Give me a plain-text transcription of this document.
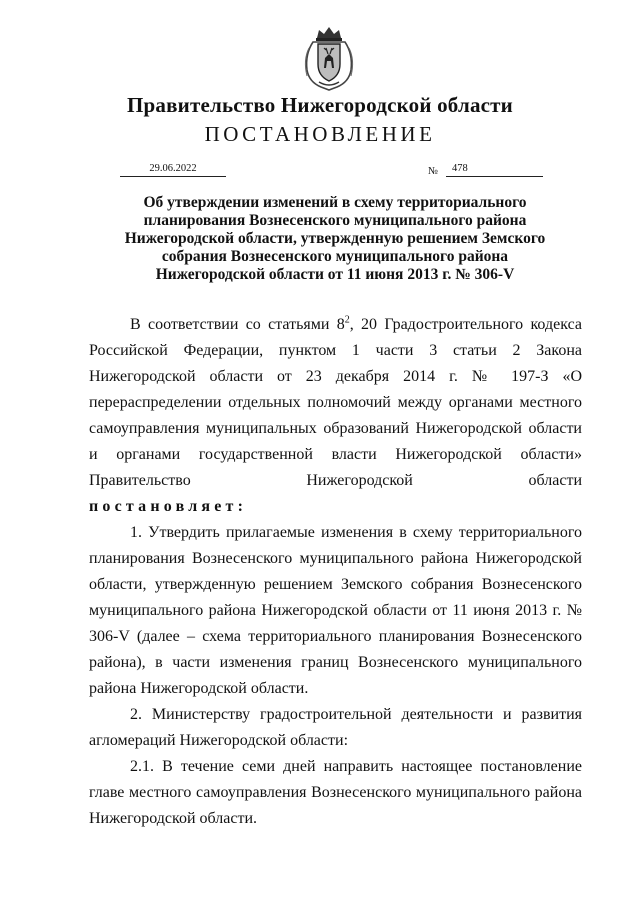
Правительство Нижегородской области
ПОСТАНОВЛЕНИЕ
29.06.2022	№	478
Об утверждении изменений в схему территориального
планирования Вознесенского муниципального района
Нижегородской области, утвержденную решением Земского
собрания Вознесенского муниципального района
Нижегородской области от 11 июня 2013 г. № 306-V

В соответствии со статьями $8^2$, 20 Градостроительного кодекса Российской Федерации, пунктом 1 части 3 статьи 2 Закона Нижегородской области от 23 декабря 2014 г. № 197-З «О перераспределении отдельных полномочий между органами местного самоуправления муниципальных образований Нижегородской области и органами государственной власти Нижегородской области» Правительство Нижегородской области

постановляет:

1. Утвердить прилагаемые изменения в схему территориального планирования Вознесенского муниципального района Нижегородской области, утвержденную решением Земского собрания Вознесенского муниципального района Нижегородской области от 11 июня 2013 г. № 306-V (далее – схема территориального планирования Вознесенского района), в части изменения границ Вознесенского муниципального района Нижегородской области.

2. Министерству градостроительной деятельности и развития агломераций Нижегородской области:

2.1. В течение семи дней направить настоящее постановление главе местного самоуправления Вознесенского муниципального района Нижегородской области.
